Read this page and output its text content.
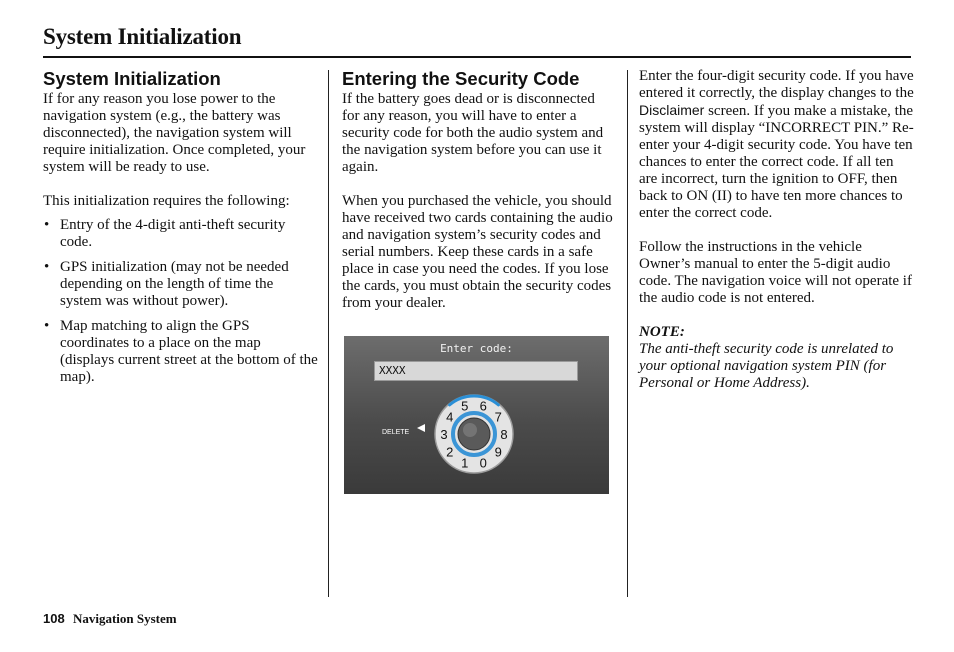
System Initialization
System Initialization

If for any reason you lose power to the navigation system (e.g., the battery was disconnected), the navigation system will require initialization. Once completed, your system will be ready to use.

This initialization requires the following:

• Entry of the 4-digit anti-theft security code.
• GPS initialization (may not be needed depending on the length of time the system was without power).
• Map matching to align the GPS coordinates to a place on the map (displays current street at the bottom of the map).
Entering the Security Code

If the battery goes dead or is disconnected for any reason, you will have to enter a security code for both the audio system and the navigation system before you can use it again.

When you purchased the vehicle, you should have received two cards containing the audio and navigation system’s security codes and serial numbers. Keep these cards in a safe place in case you need the codes. If you lose the cards, you must obtain the security codes from your dealer.

Enter code:
XXXX
DELETE
0
1
2
3
4
5 6
7
8
9

Enter the four-digit security code. If you have entered it correctly, the display changes to the Disclaimer screen. If you make a mistake, the system will display “INCORRECT PIN.” Re-enter your 4-digit security code. You have ten chances to enter the correct code. If all ten are incorrect, turn the ignition to OFF, then back to ON (II) to have ten more chances to enter the correct code.

Follow the instructions in the vehicle Owner’s manual to enter the 5-digit audio code. The navigation voice will not operate if the audio code is not entered.

NOTE:

The anti-theft security code is unrelated to your optional navigation system PIN (for Personal or Home Address).

108 Navigation System
